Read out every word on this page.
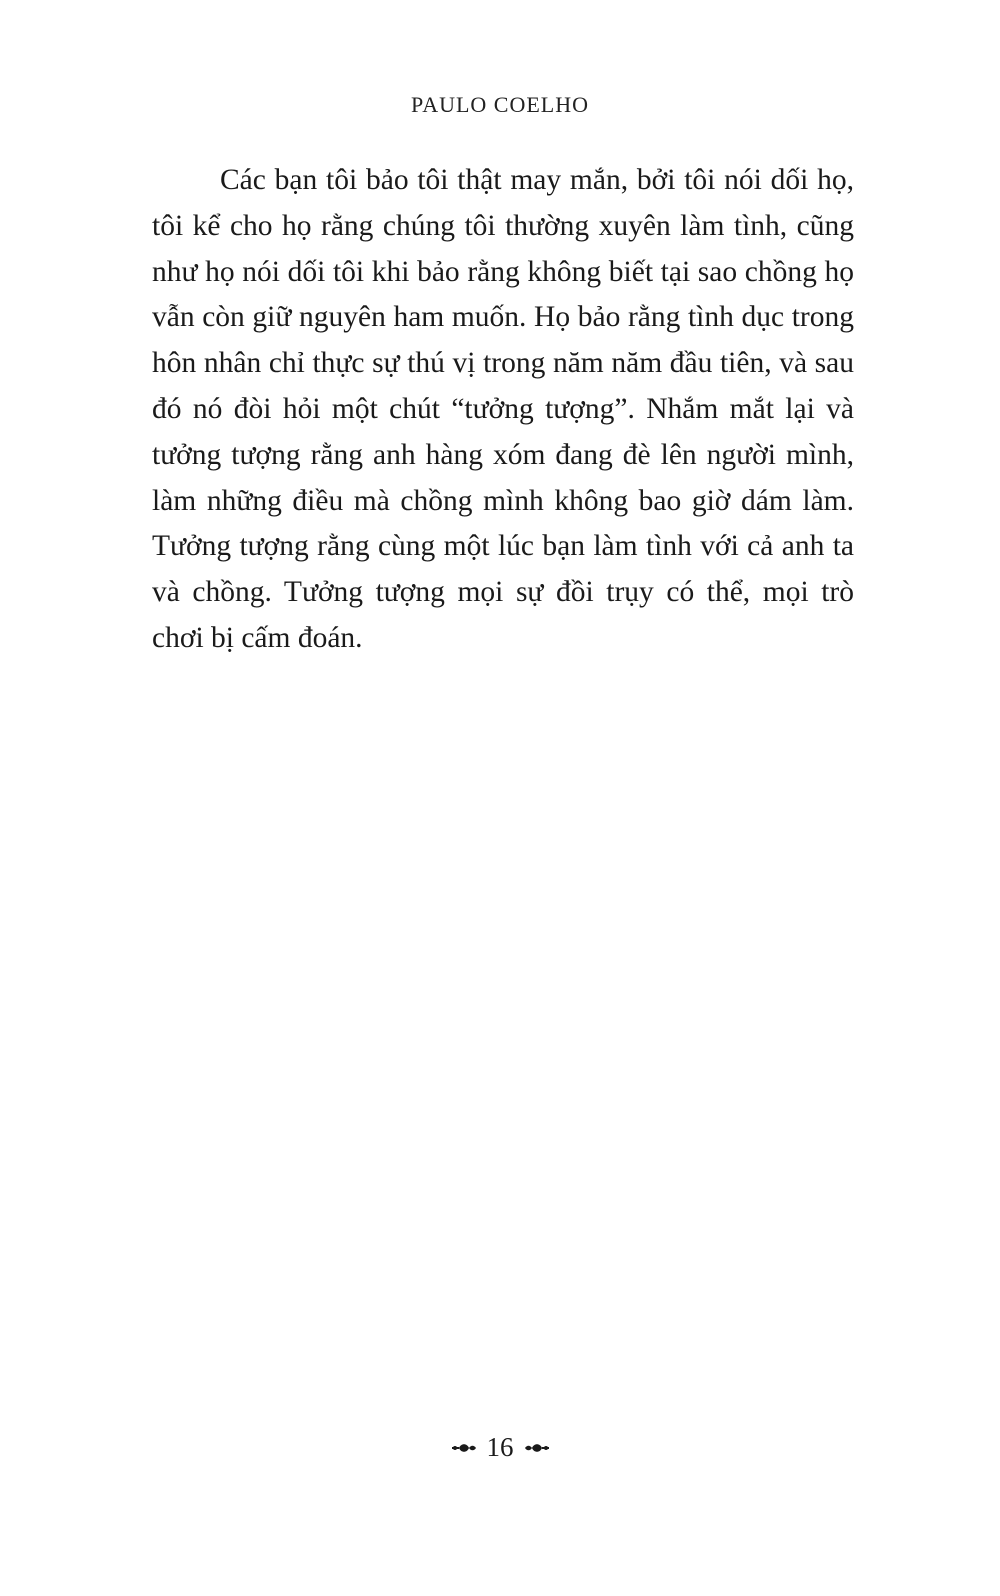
PAULO COELHO

Các bạn tôi bảo tôi thật may mắn, bởi tôi nói dối họ, tôi kể cho họ rằng chúng tôi thường xuyên làm tình, cũng như họ nói dối tôi khi bảo rằng không biết tại sao chồng họ vẫn còn giữ nguyên ham muốn. Họ bảo rằng tình dục trong hôn nhân chỉ thực sự thú vị trong năm năm đầu tiên, và sau đó nó đòi hỏi một chút “tưởng tượng”. Nhắm mắt lại và tưởng tượng rằng anh hàng xóm đang đè lên người mình, làm những điều mà chồng mình không bao giờ dám làm. Tưởng tượng rằng cùng một lúc bạn làm tình với cả anh ta và chồng. Tưởng tượng mọi sự đồi trụy có thể, mọi trò chơi bị cấm đoán.

16
